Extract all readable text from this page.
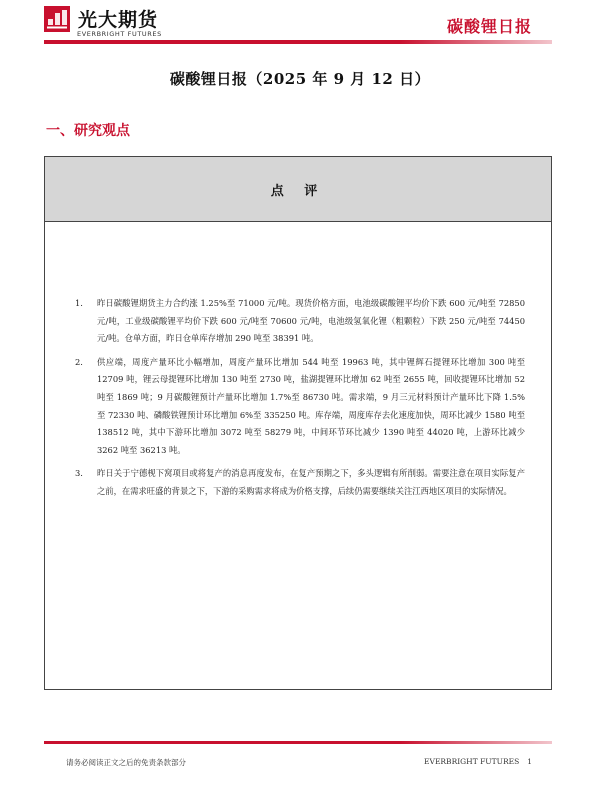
光大期货
EVERBRIGHT FUTURES	碳酸锂日报
碳酸锂日报（2025 年 9 月 12 日）
一、研究观点
点 评
1.	昨日碳酸锂期货主力合约涨 1.25%至 71000 元/吨。现货价格方面，电池级碳酸锂平均价下跌 600 元/吨至 72850 元/吨，工业级碳酸锂平均价下跌 600 元/吨至 70600 元/吨，电池级氢氧化锂（粗颗粒）下跌 250 元/吨至 74450 元/吨。仓单方面，昨日仓单库存增加 290 吨至 38391 吨。
2.	供应端，周度产量环比小幅增加，周度产量环比增加 544 吨至 19963 吨，其中锂辉石提锂环比增加 300 吨至 12709 吨，锂云母提锂环比增加 130 吨至 2730 吨，盐湖提锂环比增加 62 吨至 2655 吨，回收提锂环比增加 52 吨至 1869 吨；9 月碳酸锂预计产量环比增加 1.7%至 86730 吨。需求端，9 月三元材料预计产量环比下降 1.5%至 72330 吨、磷酸铁锂预计环比增加 6%至 335250 吨。库存端，周度库存去化速度加快，周环比减少 1580 吨至 138512 吨，其中下游环比增加 3072 吨至 58279 吨，中间环节环比减少 1390 吨至 44020 吨，上游环比减少 3262 吨至 36213 吨。
3.	昨日关于宁德枧下窝项目或将复产的消息再度发布，在复产预期之下，多头逻辑有所削弱。需要注意在项目实际复产之前，在需求旺盛的背景之下，下游的采购需求将成为价格支撑，后续仍需要继续关注江西地区项目的实际情况。
请务必阅读正文之后的免责条款部分	EVERBRIGHT FUTURES 1
